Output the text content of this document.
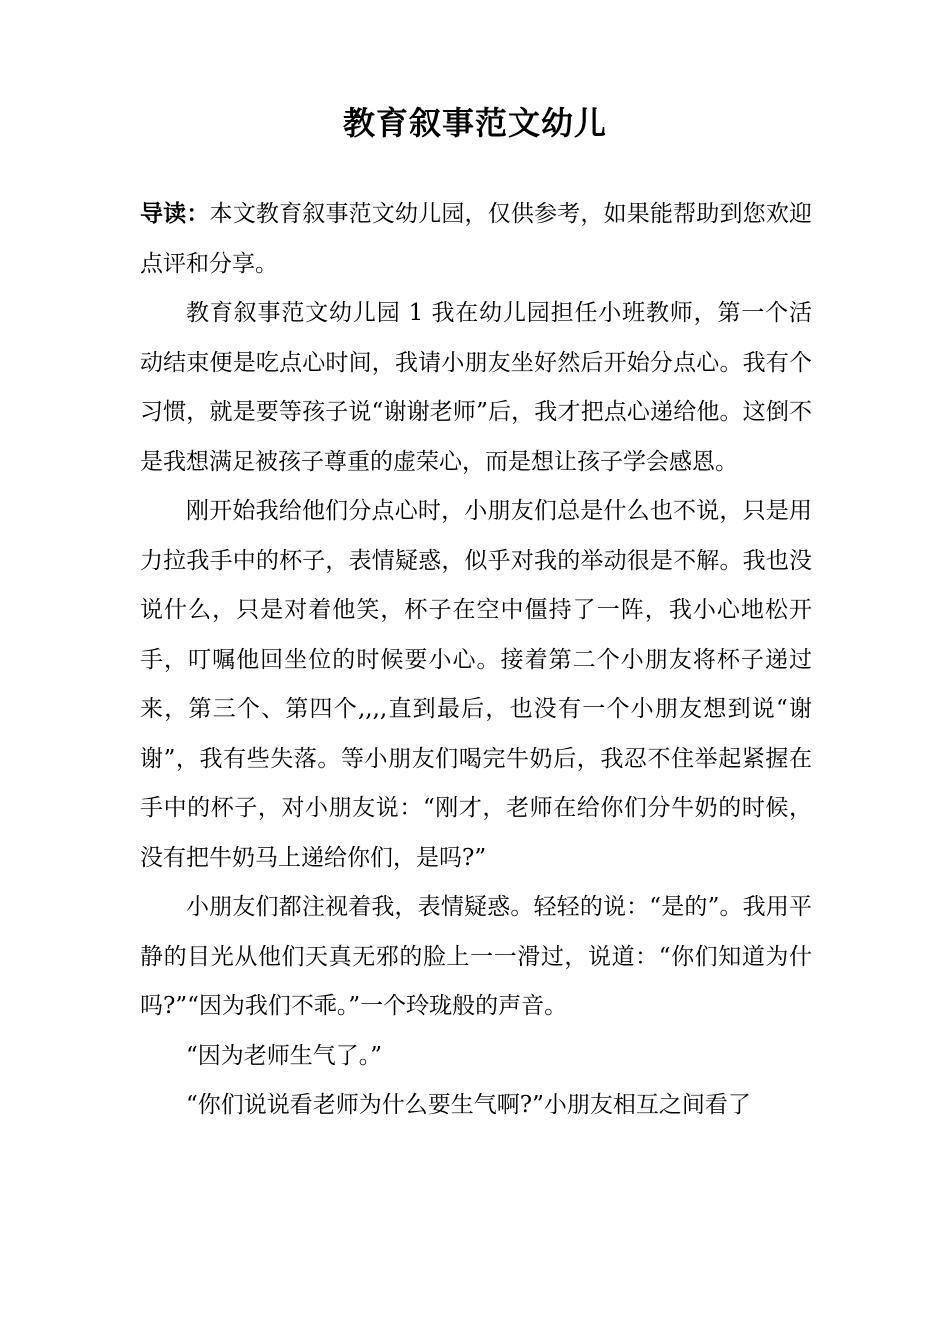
教育叙事范文幼儿

导读：本文教育叙事范文幼儿园，仅供参考，如果能帮助到您欢迎点评和分享。

教育叙事范文幼儿园 1 我在幼儿园担任小班教师，第一个活动结束便是吃点心时间，我请小朋友坐好然后开始分点心。我有个习惯，就是要等孩子说“谢谢老师”后，我才把点心递给他。这倒不是我想满足被孩子尊重的虚荣心，而是想让孩子学会感恩。

刚开始我给他们分点心时，小朋友们总是什么也不说，只是用力拉我手中的杯子，表情疑惑，似乎对我的举动很是不解。我也没说什么，只是对着他笑，杯子在空中僵持了一阵，我小心地松开手，叮嘱他回坐位的时候要小心。接着第二个小朋友将杯子递过来，第三个、第四个,,,,直到最后，也没有一个小朋友想到说“谢谢”，我有些失落。等小朋友们喝完牛奶后，我忍不住举起紧握在手中的杯子，对小朋友说：“刚才，老师在给你们分牛奶的时候，没有把牛奶马上递给你们，是吗?”

小朋友们都注视着我，表情疑惑。轻轻的说：“是的”。我用平静的目光从他们天真无邪的脸上一一滑过，说道：“你们知道为什吗?”“因为我们不乖。”一个玲珑般的声音。

“因为老师生气了。”

“你们说说看老师为什么要生气啊?”小朋友相互之间看了
